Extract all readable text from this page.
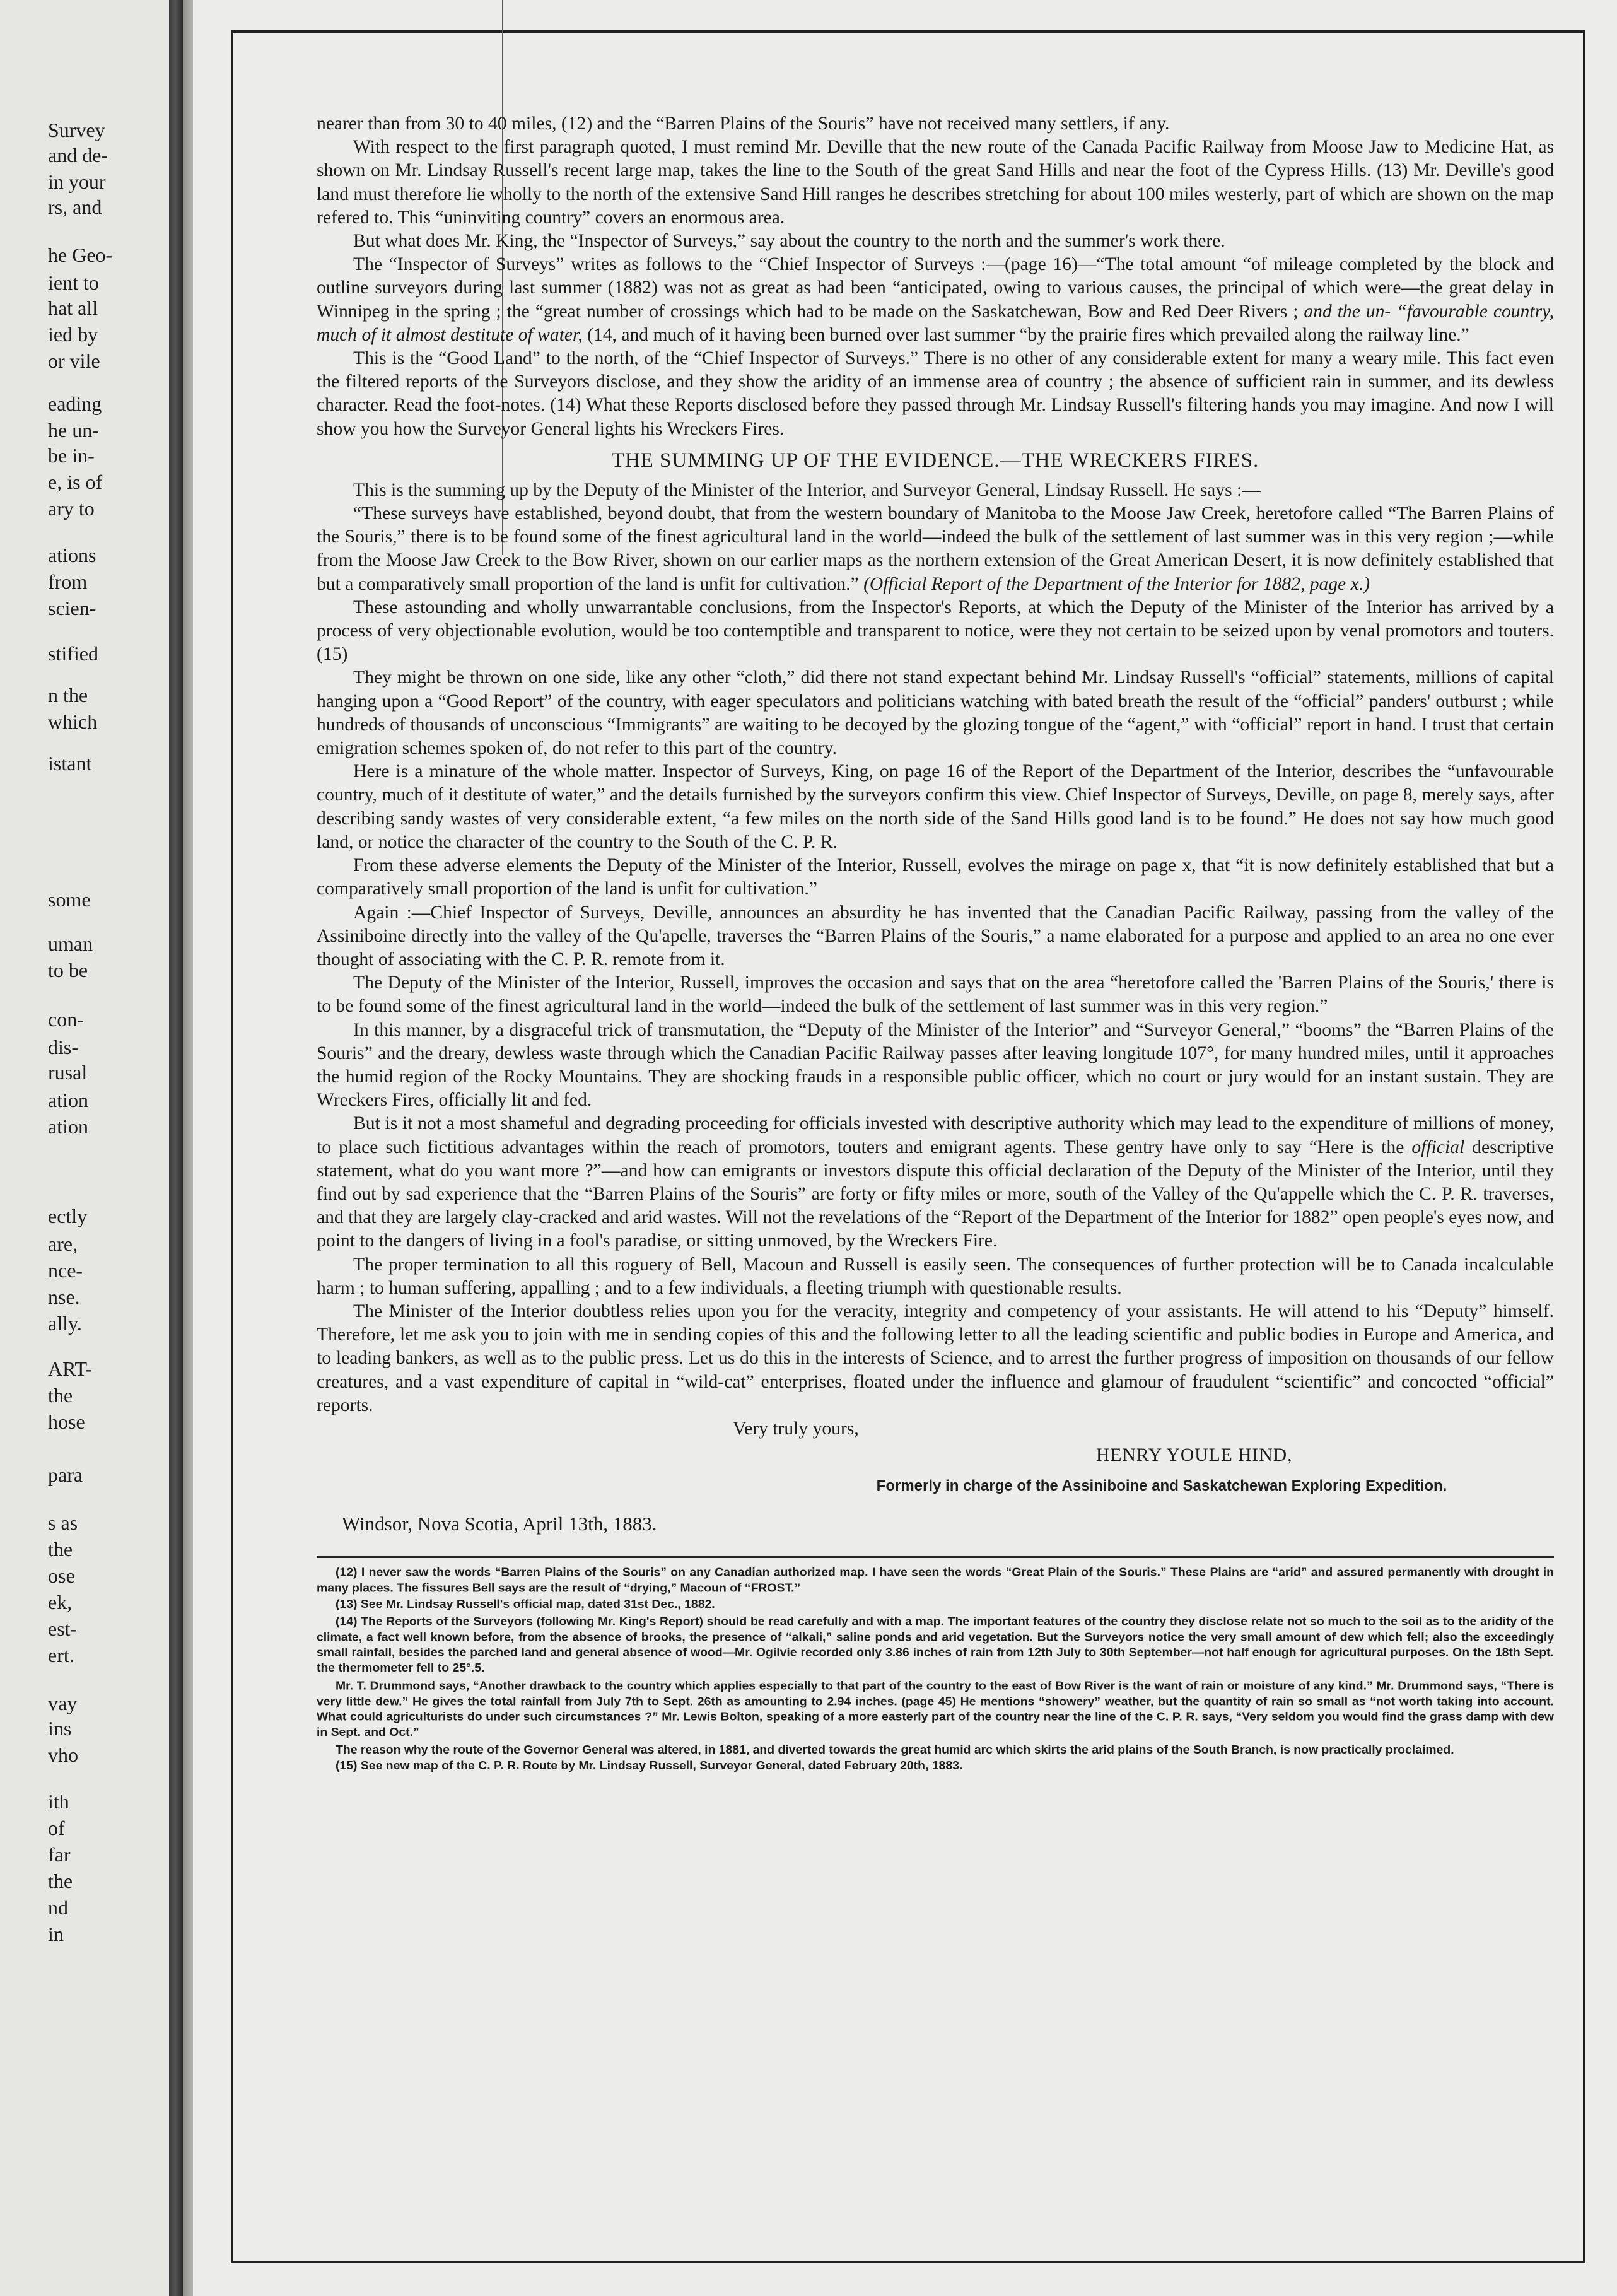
Survey
and de-
in your
rs, and
he Geo-
ient to
hat all
ied by
or vile
eading
he un-
be in-
e, is of
ary to
ations
from
scien-
stified
n the
which
istant
some
uman
to be
con-
dis-
rusal
ation
ation
ectly
are,
nce-
nse.
ally.
ART-
the
hose
para
s as
the
ose
ek,
est-
ert.
vay
ins
vho
ith
of
far
the
nd
in

nearer than from 30 to 40 miles, (12) and the “Barren Plains of the Souris” have not received many settlers, if any.

With respect to the first paragraph quoted, I must remind Mr. Deville that the new route of the Canada Pacific Railway from Moose Jaw to Medicine Hat, as shown on Mr. Lindsay Russell's recent large map, takes the line to the South of the great Sand Hills and near the foot of the Cypress Hills. (13) Mr. Deville's good land must therefore lie wholly to the north of the extensive Sand Hill ranges he describes stretching for about 100 miles westerly, part of which are shown on the map refered to. This “uninviting country” covers an enormous area.

But what does Mr. King, the “Inspector of Surveys,” say about the country to the north and the summer's work there.

The “Inspector of Surveys” writes as follows to the “Chief Inspector of Surveys :—(page 16)—“The total amount “of mileage completed by the block and outline surveyors during last summer (1882) was not as great as had been “anticipated, owing to various causes, the principal of which were—the great delay in Winnipeg in the spring ; the “great number of crossings which had to be made on the Saskatchewan, Bow and Red Deer Rivers ; and the un- “favourable country, much of it almost destitute of water, (14, and much of it having been burned over last summer “by the prairie fires which prevailed along the railway line.”

This is the “Good Land” to the north, of the “Chief Inspector of Surveys.” There is no other of any considerable extent for many a weary mile. This fact even the filtered reports of the Surveyors disclose, and they show the aridity of an immense area of country ; the absence of sufficient rain in summer, and its dewless character. Read the foot-notes. (14) What these Reports disclosed before they passed through Mr. Lindsay Russell's filtering hands you may imagine. And now I will show you how the Surveyor General lights his Wreckers Fires.

THE SUMMING UP OF THE EVIDENCE.—THE WRECKERS FIRES.

This is the summing up by the Deputy of the Minister of the Interior, and Surveyor General, Lindsay Russell. He says :—

“These surveys have established, beyond doubt, that from the western boundary of Manitoba to the Moose Jaw Creek, heretofore called “The Barren Plains of the Souris,” there is to be found some of the finest agricultural land in the world—indeed the bulk of the settlement of last summer was in this very region ;—while from the Moose Jaw Creek to the Bow River, shown on our earlier maps as the northern extension of the Great American Desert, it is now definitely established that but a comparatively small proportion of the land is unfit for cultivation.” (Official Report of the Department of the Interior for 1882, page x.)

These astounding and wholly unwarrantable conclusions, from the Inspector's Reports, at which the Deputy of the Minister of the Interior has arrived by a process of very objectionable evolution, would be too contemptible and transparent to notice, were they not certain to be seized upon by venal promotors and touters. (15)

They might be thrown on one side, like any other “cloth,” did there not stand expectant behind Mr. Lindsay Russell's “official” statements, millions of capital hanging upon a “Good Report” of the country, with eager speculators and politicians watching with bated breath the result of the “official” panders' outburst ; while hundreds of thousands of unconscious “Immigrants” are waiting to be decoyed by the glozing tongue of the “agent,” with “official” report in hand. I trust that certain emigration schemes spoken of, do not refer to this part of the country.

Here is a minature of the whole matter. Inspector of Surveys, King, on page 16 of the Report of the Department of the Interior, describes the “unfavourable country, much of it destitute of water,” and the details furnished by the surveyors confirm this view. Chief Inspector of Surveys, Deville, on page 8, merely says, after describing sandy wastes of very considerable extent, “a few miles on the north side of the Sand Hills good land is to be found.” He does not say how much good land, or notice the character of the country to the South of the C. P. R.

From these adverse elements the Deputy of the Minister of the Interior, Russell, evolves the mirage on page x, that “it is now definitely established that but a comparatively small proportion of the land is unfit for cultivation.”

Again :—Chief Inspector of Surveys, Deville, announces an absurdity he has invented that the Canadian Pacific Railway, passing from the valley of the Assiniboine directly into the valley of the Qu'apelle, traverses the “Barren Plains of the Souris,” a name elaborated for a purpose and applied to an area no one ever thought of associating with the C. P. R. remote from it.

The Deputy of the Minister of the Interior, Russell, improves the occasion and says that on the area “heretofore called the 'Barren Plains of the Souris,' there is to be found some of the finest agricultural land in the world—indeed the bulk of the settlement of last summer was in this very region.”

In this manner, by a disgraceful trick of transmutation, the “Deputy of the Minister of the Interior” and “Surveyor General,” “booms” the “Barren Plains of the Souris” and the dreary, dewless waste through which the Canadian Pacific Railway passes after leaving longitude 107°, for many hundred miles, until it approaches the humid region of the Rocky Mountains. They are shocking frauds in a responsible public officer, which no court or jury would for an instant sustain. They are Wreckers Fires, officially lit and fed.

But is it not a most shameful and degrading proceeding for officials invested with descriptive authority which may lead to the expenditure of millions of money, to place such fictitious advantages within the reach of promotors, touters and emigrant agents. These gentry have only to say “Here is the official descriptive statement, what do you want more ?”—and how can emigrants or investors dispute this official declaration of the Deputy of the Minister of the Interior, until they find out by sad experience that the “Barren Plains of the Souris” are forty or fifty miles or more, south of the Valley of the Qu'appelle which the C. P. R. traverses, and that they are largely clay-cracked and arid wastes. Will not the revelations of the “Report of the Department of the Interior for 1882” open people's eyes now, and point to the dangers of living in a fool's paradise, or sitting unmoved, by the Wreckers Fire.

The proper termination to all this roguery of Bell, Macoun and Russell is easily seen. The consequences of further protection will be to Canada incalculable harm ; to human suffering, appalling ; and to a few individuals, a fleeting triumph with questionable results.

The Minister of the Interior doubtless relies upon you for the veracity, integrity and competency of your assistants. He will attend to his “Deputy” himself. Therefore, let me ask you to join with me in sending copies of this and the following letter to all the leading scientific and public bodies in Europe and America, and to leading bankers, as well as to the public press. Let us do this in the interests of Science, and to arrest the further progress of imposition on thousands of our fellow creatures, and a vast expenditure of capital in “wild-cat” enterprises, floated under the influence and glamour of fraudulent “scientific” and concocted “official” reports.

Very truly yours,
HENRY YOULE HIND,
Formerly in charge of the Assiniboine and Saskatchewan Exploring Expedition.
Windsor, Nova Scotia, April 13th, 1883.

(12) I never saw the words “Barren Plains of the Souris” on any Canadian authorized map. I have seen the words “Great Plain of the Souris.” These Plains are “arid” and assured permanently with drought in many places. The fissures Bell says are the result of “drying,” Macoun of “FROST.”

(13) See Mr. Lindsay Russell's official map, dated 31st Dec., 1882.

(14) The Reports of the Surveyors (following Mr. King's Report) should be read carefully and with a map. The important features of the country they disclose relate not so much to the soil as to the aridity of the climate, a fact well known before, from the absence of brooks, the presence of “alkali,” saline ponds and arid vegetation. But the Surveyors notice the very small amount of dew which fell; also the exceedingly small rainfall, besides the parched land and general absence of wood—Mr. Ogilvie recorded only 3.86 inches of rain from 12th July to 30th September—not half enough for agricultural purposes. On the 18th Sept. the thermometer fell to 25°.5.

Mr. T. Drummond says, “Another drawback to the country which applies especially to that part of the country to the east of Bow River is the want of rain or moisture of any kind.” Mr. Drummond says, “There is very little dew.” He gives the total rainfall from July 7th to Sept. 26th as amounting to 2.94 inches. (page 45) He mentions “showery” weather, but the quantity of rain so small as “not worth taking into account. What could agriculturists do under such circumstances ?” Mr. Lewis Bolton, speaking of a more easterly part of the country near the line of the C. P. R. says, “Very seldom you would find the grass damp with dew in Sept. and Oct.”

The reason why the route of the Governor General was altered, in 1881, and diverted towards the great humid arc which skirts the arid plains of the South Branch, is now practically proclaimed.

(15) See new map of the C. P. R. Route by Mr. Lindsay Russell, Surveyor General, dated February 20th, 1883.
